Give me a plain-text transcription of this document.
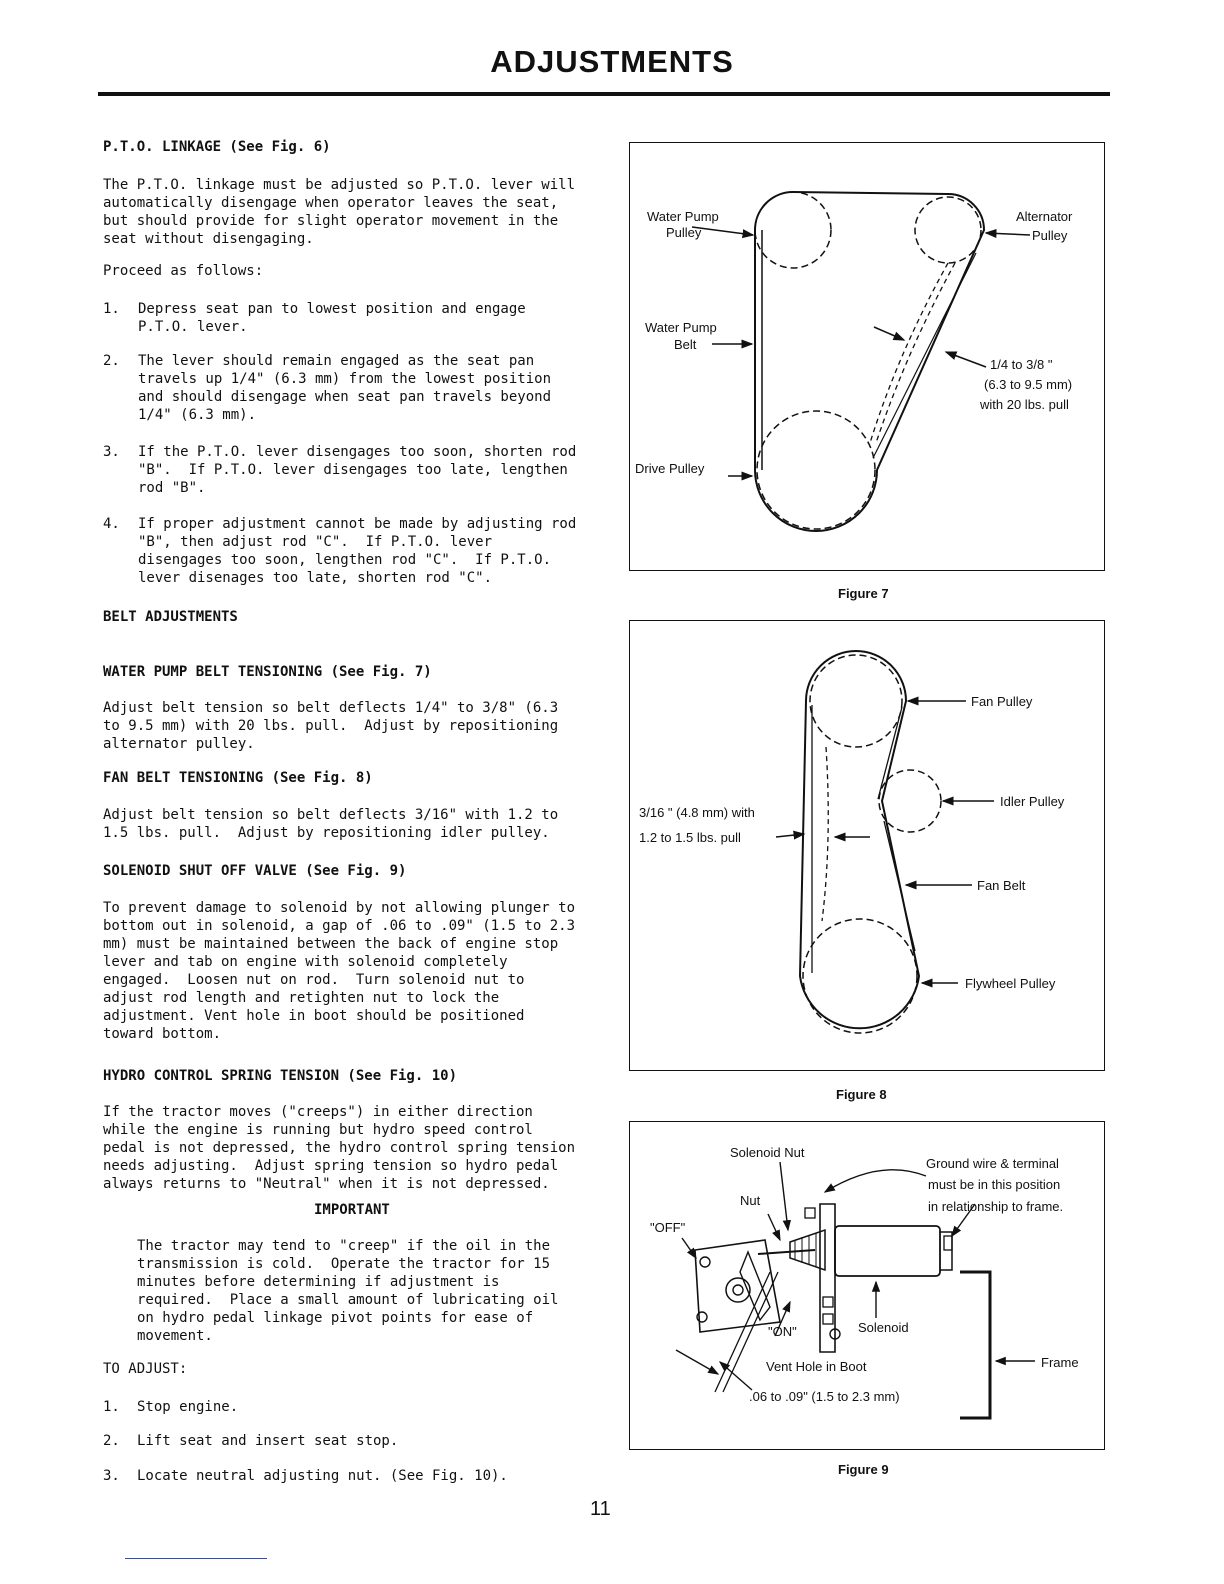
ADJUSTMENTS
P.T.O. LINKAGE (See Fig. 6)
The P.T.O. linkage must be adjusted so P.T.O. lever will automatically disengage when operator leaves the seat, but should provide for slight operator movement in the seat without disengaging.
Proceed as follows:
1. Depress seat pan to lowest position and engage P.T.O. lever.
2. The lever should remain engaged as the seat pan travels up 1/4" (6.3 mm) from the lowest position and should disengage when seat pan travels beyond 1/4" (6.3 mm).
3. If the P.T.O. lever disengages too soon, shorten rod "B".  If P.T.O. lever disengages too late, lengthen rod "B".
4. If proper adjustment cannot be made by adjusting rod "B", then adjust rod "C".  If P.T.O. lever disengages too soon, lengthen rod "C".  If P.T.O. lever disenages too late, shorten rod "C".
BELT ADJUSTMENTS
WATER PUMP BELT TENSIONING (See Fig. 7)
Adjust belt tension so belt deflects 1/4" to 3/8" (6.3 to 9.5 mm) with 20 lbs. pull.  Adjust by repositioning alternator pulley.
FAN BELT TENSIONING (See Fig. 8)
Adjust belt tension so belt deflects 3/16" with 1.2 to 1.5 lbs. pull.  Adjust by repositioning idler pulley.
SOLENOID SHUT OFF VALVE (See Fig. 9)
To prevent damage to solenoid by not allowing plunger to bottom out in solenoid, a gap of .06 to .09" (1.5 to 2.3 mm) must be maintained between the back of engine stop lever and tab on engine with solenoid completely engaged.  Loosen nut on rod.  Turn solenoid nut to adjust rod length and retighten nut to lock the adjustment. Vent hole in boot should be positioned toward bottom.
HYDRO CONTROL SPRING TENSION (See Fig. 10)
If the tractor moves ("creeps") in either direction while the engine is running but hydro speed control pedal is not depressed, the hydro control spring tension needs adjusting.  Adjust spring tension so hydro pedal always returns to "Neutral" when it is not depressed.
IMPORTANT
The tractor may tend to "creep" if the oil in the transmission is cold.  Operate the tractor for 15 minutes before determining if adjustment is required.  Place a small amount of lubricating oil on hydro pedal linkage pivot points for ease of movement.
TO ADJUST:
1. Stop engine.
2. Lift seat and insert seat stop.
3. Locate neutral adjusting nut. (See Fig. 10).
Water Pump
Pulley
Alternator
Pulley
Water Pump
Belt
1/4 to 3/8 "
(6.3 to 9.5 mm)
with 20 lbs. pull
Drive Pulley
Figure 7
Fan Pulley
Idler Pulley
Fan Belt
Flywheel Pulley
3/16 " (4.8 mm) with
1.2 to 1.5 lbs. pull
Figure 8
Solenoid Nut
Nut
"OFF"
"ON"
Ground wire & terminal
must be in this position
in relationship to frame.
Solenoid
Frame
Vent Hole in Boot
.06 to .09" (1.5 to 2.3 mm)
Figure 9
11
